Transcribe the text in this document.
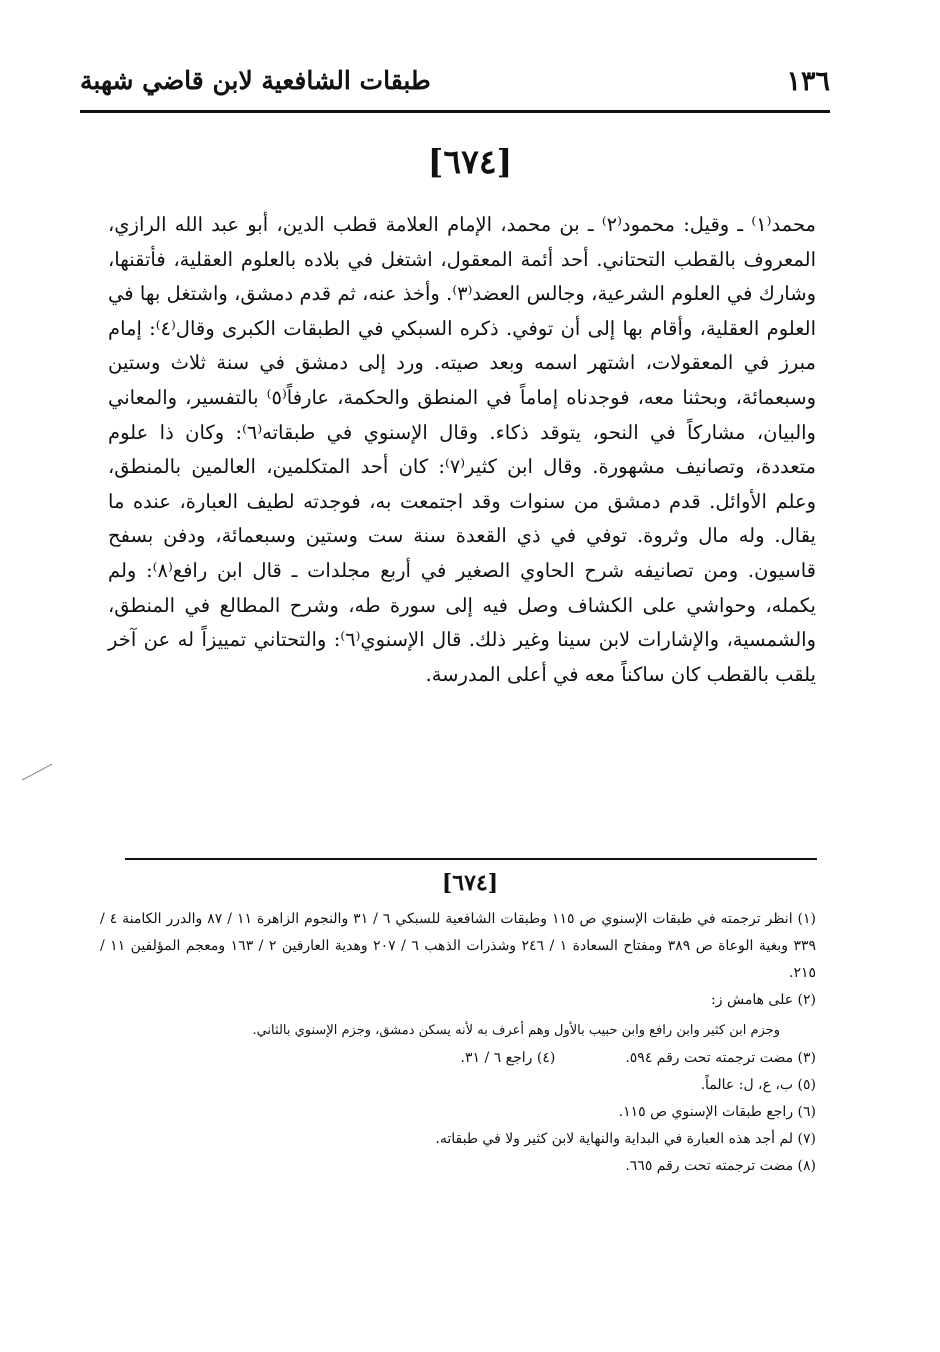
١٣٦
طبقات الشافعية لابن قاضي شهبة
[٦٧٤]

محمد⁽١⁾ ـ وقيل: محمود⁽٢⁾ ـ بن محمد، الإمام العلامة قطب الدين، أبو عبد الله الرازي، المعروف بالقطب التحتاني. أحد أئمة المعقول، اشتغل في بلاده بالعلوم العقلية، فأتقنها، وشارك في العلوم الشرعية، وجالس العضد⁽٣⁾. وأخذ عنه، ثم قدم دمشق، واشتغل بها في العلوم العقلية، وأقام بها إلى أن توفي. ذكره السبكي في الطبقات الكبرى وقال⁽٤⁾: إمام مبرز في المعقولات، اشتهر اسمه وبعد صيته. ورد إلى دمشق في سنة ثلاث وستين وسبعمائة، وبحثنا معه، فوجدناه إماماً في المنطق والحكمة، عارفاً⁽٥⁾ بالتفسير، والمعاني والبيان، مشاركاً في النحو، يتوقد ذكاء. وقال الإسنوي في طبقاته⁽٦⁾: وكان ذا علوم متعددة، وتصانيف مشهورة. وقال ابن كثير⁽٧⁾: كان أحد المتكلمين، العالمين بالمنطق، وعلم الأوائل. قدم دمشق من سنوات وقد اجتمعت به، فوجدته لطيف العبارة، عنده ما يقال. وله مال وثروة. توفي في ذي القعدة سنة ست وستين وسبعمائة، ودفن بسفح قاسيون. ومن تصانيفه شرح الحاوي الصغير في أربع مجلدات ـ قال ابن رافع⁽٨⁾: ولم يكمله، وحواشي على الكشاف وصل فيه إلى سورة طه، وشرح المطالع في المنطق، والشمسية، والإشارات لابن سينا وغير ذلك. قال الإسنوي⁽٦⁾: والتحتاني تمييزاً له عن آخر يلقب بالقطب كان ساكناً معه في أعلى المدرسة.

[٦٧٤]

(١) انظر ترجمته في طبقات الإسنوي ص ١١٥ وطبقات الشافعية للسبكي ٦ / ٣١ والنجوم الزاهرة ١١ / ٨٧ والدرر الكامنة ٤ / ٣٣٩ وبغية الوعاة ص ٣٨٩ ومفتاح السعادة ١ / ٢٤٦ وشذرات الذهب ٦ / ٢٠٧ وهدية العارفين ٢ / ١٦٣ ومعجم المؤلفين ١١ / ٢١٥.

(٢) على هامش ز:

وجزم ابن كثير وابن رافع وابن حبيب بالأول وهم أعرف به لأنه يسكن دمشق، وجزم الإسنوي بالثاني.

(٣) مضت ترجمته تحت رقم ٥٩٤.
(٤) راجع ٦ / ٣١.

(٥) ب، ع، ل: عالماً.

(٦) راجع طبقات الإسنوي ص ١١٥.

(٧) لم أجد هذه العبارة في البداية والنهاية لابن كثير ولا في طبقاته.

(٨) مضت ترجمته تحت رقم ٦٦٥.
